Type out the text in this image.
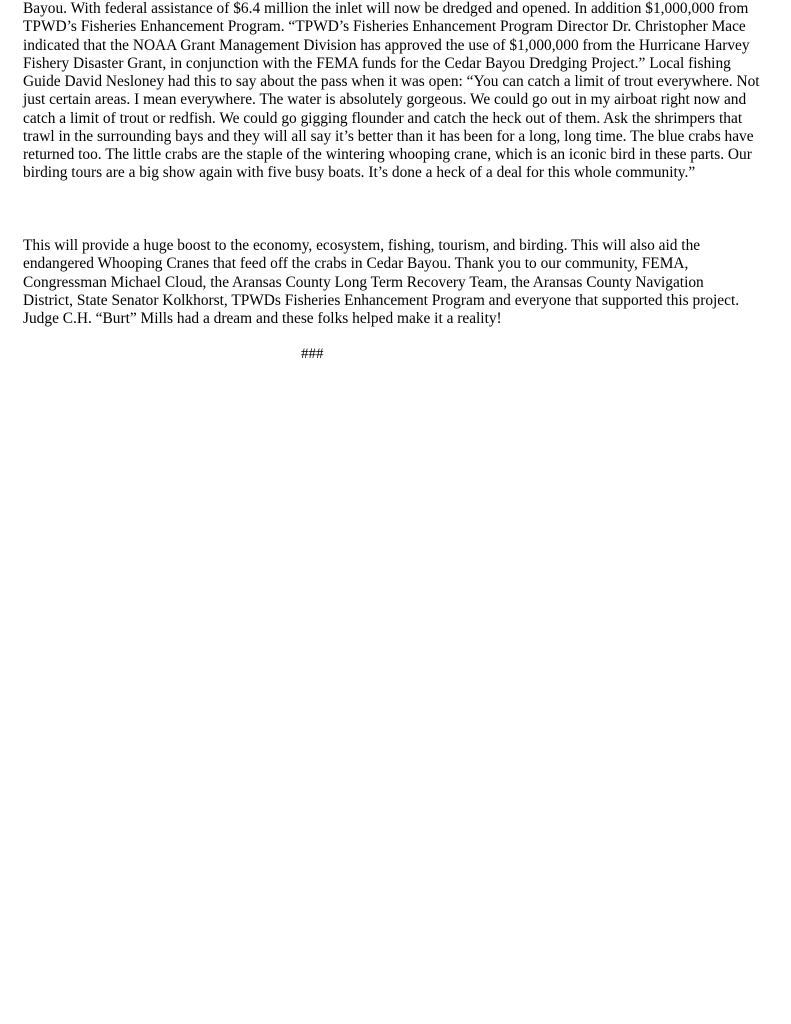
Bayou. With federal assistance of $6.4 million the inlet will now be dredged and opened. In addition $1,000,000 from
TPWD’s Fisheries Enhancement Program. “TPWD’s Fisheries Enhancement Program Director Dr. Christopher Mace
indicated that the NOAA Grant Management Division has approved the use of $1,000,000 from the Hurricane Harvey
Fishery Disaster Grant, in conjunction with the FEMA funds for the Cedar Bayou Dredging Project.” Local fishing
Guide David Nesloney had this to say about the pass when it was open: “You can catch a limit of trout everywhere. Not
just certain areas. I mean everywhere. The water is absolutely gorgeous. We could go out in my airboat right now and
catch a limit of trout or redfish. We could go gigging flounder and catch the heck out of them. Ask the shrimpers that
trawl in the surrounding bays and they will all say it’s better than it has been for a long, long time. The blue crabs have
returned too. The little crabs are the staple of the wintering whooping crane, which is an iconic bird in these parts. Our
birding tours are a big show again with five busy boats. It’s done a heck of a deal for this whole community.”

This will provide a huge boost to the economy, ecosystem, fishing, tourism, and birding. This will also aid the
endangered Whooping Cranes that feed off the crabs in Cedar Bayou. Thank you to our community, FEMA,
Congressman Michael Cloud, the Aransas County Long Term Recovery Team, the Aransas County Navigation
District, State Senator Kolkhorst, TPWDs Fisheries Enhancement Program and everyone that supported this project.
Judge C.H. “Burt” Mills had a dream and these folks helped make it a reality!

###
